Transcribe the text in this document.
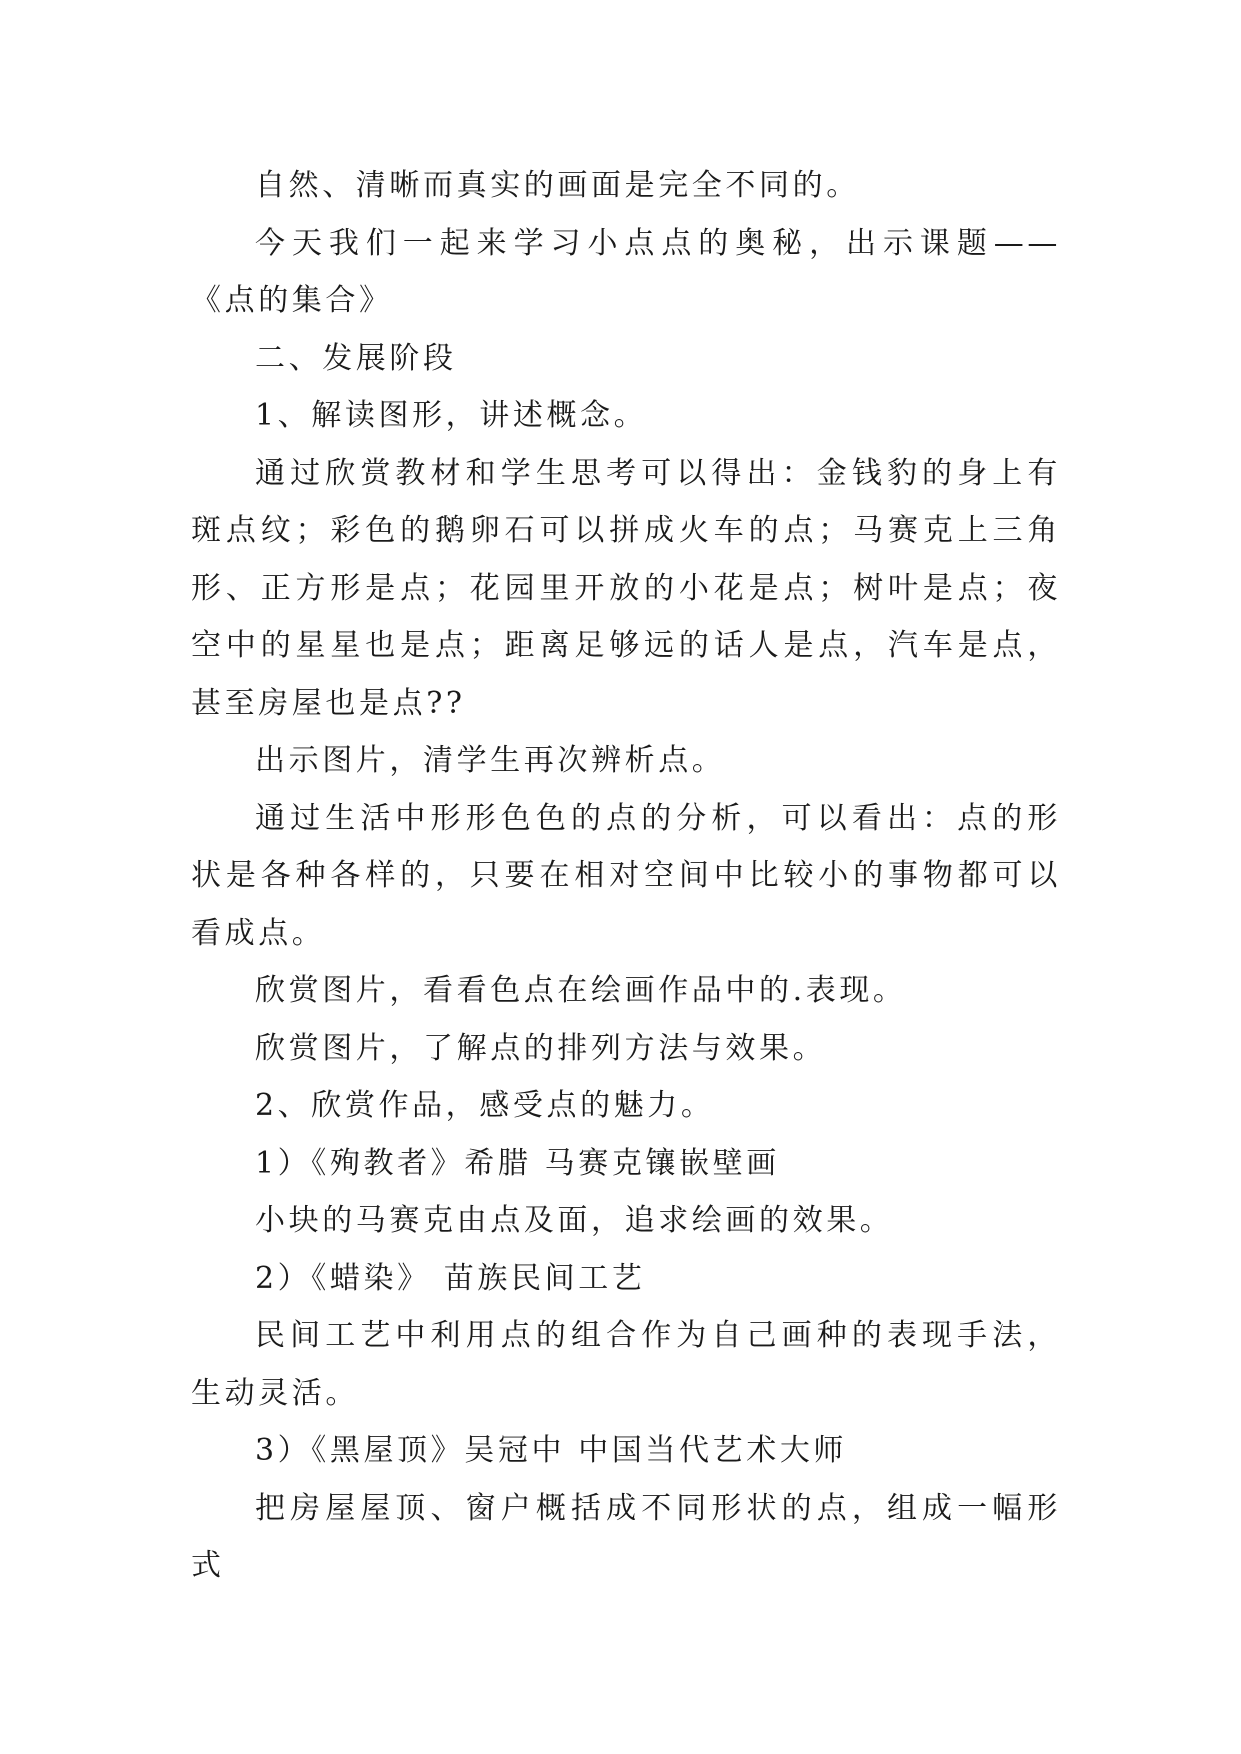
自然、清晰而真实的画面是完全不同的。

今天我们一起来学习小点点的奥秘，出示课题——《点的集合》

二、发展阶段

1、解读图形，讲述概念。

通过欣赏教材和学生思考可以得出：金钱豹的身上有斑点纹；彩色的鹅卵石可以拼成火车的点；马赛克上三角形、正方形是点；花园里开放的小花是点；树叶是点；夜空中的星星也是点；距离足够远的话人是点，汽车是点，甚至房屋也是点??

出示图片，清学生再次辨析点。

通过生活中形形色色的点的分析，可以看出：点的形状是各种各样的，只要在相对空间中比较小的事物都可以看成点。

欣赏图片，看看色点在绘画作品中的.表现。

欣赏图片，了解点的排列方法与效果。

2、欣赏作品，感受点的魅力。

1）《殉教者》希腊 马赛克镶嵌壁画

小块的马赛克由点及面，追求绘画的效果。

2）《蜡染》 苗族民间工艺

民间工艺中利用点的组合作为自己画种的表现手法，生动灵活。

3）《黑屋顶》吴冠中 中国当代艺术大师

把房屋屋顶、窗户概括成不同形状的点，组成一幅形式
